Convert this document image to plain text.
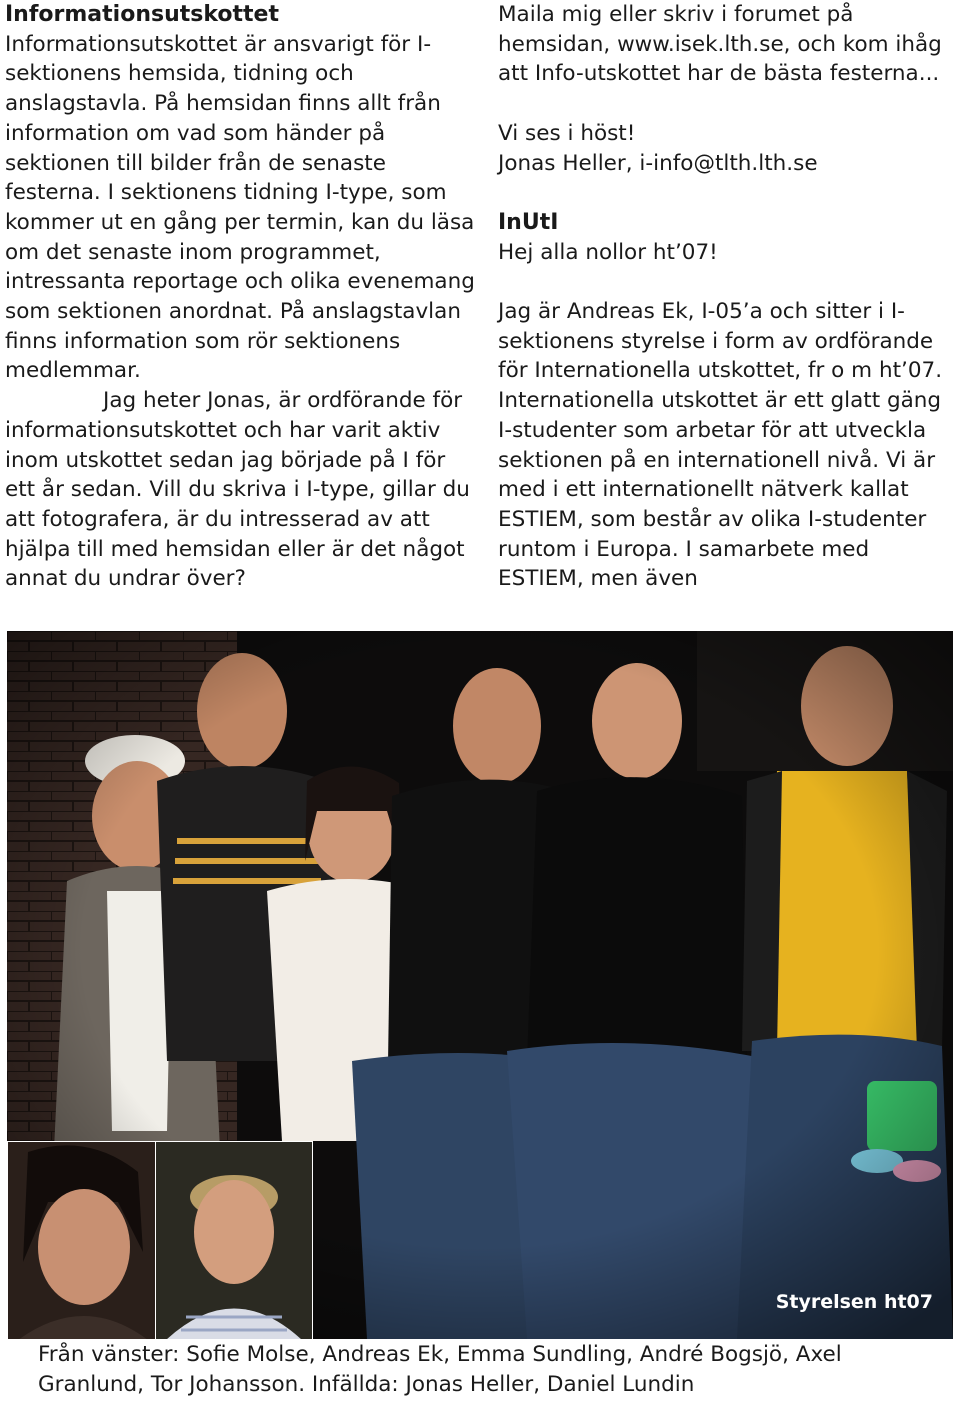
Informationsutskottet

Informationsutskottet är ansvarigt för I-sektionens hemsida, tidning och anslagstavla. På hemsidan finns allt från information om vad som händer på sektionen till bilder från de senaste festerna. I sektionens tidning I-type, som kommer ut en gång per termin, kan du läsa om det senaste inom programmet, intressanta reportage och olika evenemang som sektionen anordnat. På anslagstavlan finns information som rör sektionens medlemmar.

Jag heter Jonas, är ordförande för informationsutskottet och har varit aktiv inom utskottet sedan jag började på I för ett år sedan. Vill du skriva i I-type, gillar du att fotografera, är du intresserad av att hjälpa till med hemsidan eller är det något annat du undrar över?

Maila mig eller skriv i forumet på hemsidan, www.isek.lth.se, och kom ihåg att Info-utskottet har de bästa festerna...

Vi ses i höst!

Jonas Heller, i-info@tlth.lth.se

InUtI

Hej alla nollor ht’07!

Jag är Andreas Ek, I-05’a och sitter i I-sektionens styrelse i form av ordförande för Internationella utskottet, fr o m ht’07. Internationella utskottet är ett glatt gäng I-studenter som arbetar för att utveckla sektionen på en internationell nivå. Vi är med i ett internationellt nätverk kallat ESTIEM, som består av olika I-studenter runtom i Europa. I samarbete med ESTIEM, men även

Styrelsen ht07

Från vänster: Sofie Molse, Andreas Ek, Emma Sundling, André Bogsjö, Axel Granlund, Tor Johansson. Infällda: Jonas Heller, Daniel Lundin
